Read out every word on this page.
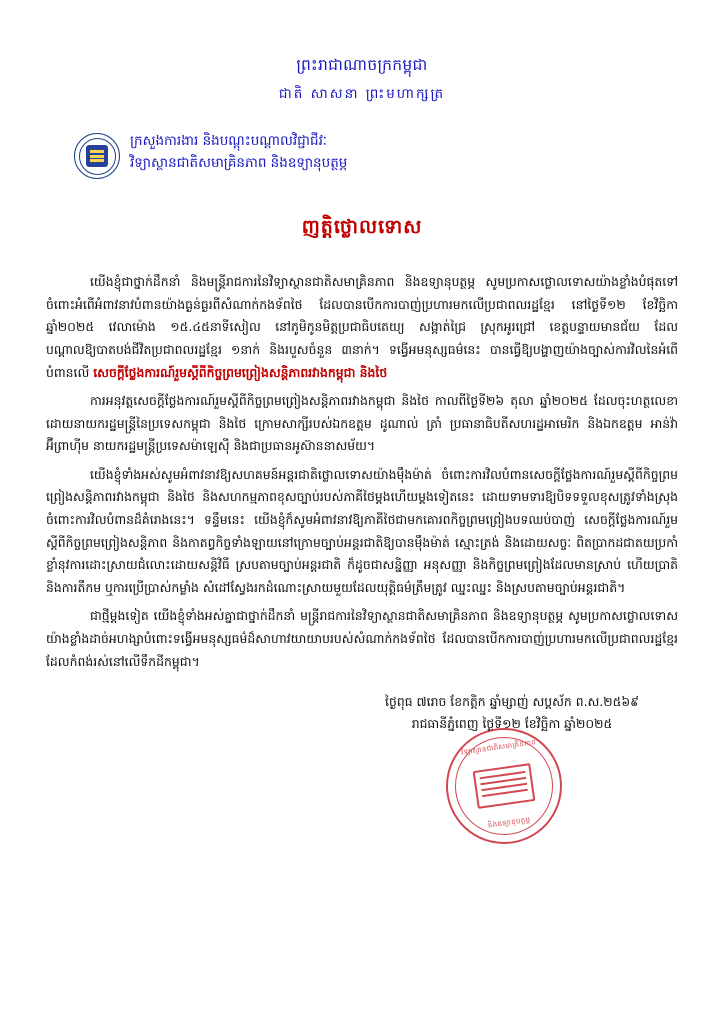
ព្រះរាជាណាចក្រកម្ពុជា
ជាតិ សាសនា ព្រះមហាក្សត្រ
ក្រសួងការងារ និងបណ្ដុះបណ្ដាលវិជ្ជាជីវៈ
វិទ្យាស្ថានជាតិសមាគ្រិនភាព និងឧទ្យានុបត្ថម្ភ
ញត្តិថ្លោលទោស

យើងខ្ញុំជាថ្នាក់ដឹកនាំ និងមន្ត្រីរាជការនៃវិទ្យាស្ថានជាតិសមាគ្រិនភាព និងឧទ្យានុបត្ថម្ភ សូមប្រកាសថ្លោលទោសយ៉ាងខ្លាំងបំផុតទៅចំពោះអំពើអំពាវនាវបំពានយ៉ាងធ្ងន់ធ្ងរពីសំណាក់កងទ័ពថៃ ដែលបានបើកការបាញ់ប្រហារមកលើប្រជាពលរដ្ឋខ្មែរ នៅថ្ងៃទី១២ ខែវិច្ឆិកា ឆ្នាំ២០២៥ វេលាម៉ោង ១៥.៤៥នាទីសៀល នៅភូមិកូនមិត្តប្រជាធិបតេយ្យ សង្កាត់ជ្រៃ ស្រុកអូរជ្រៅ ខេត្តបន្ទាយមានជ័យ ដែលបណ្ដាលឱ្យបាតបង់ជីវិតប្រជាពលរដ្ឋខ្មែរ ១នាក់ និងរបួសចំនួន ៣នាក់។ ទង្វើអមនុស្សធម៌នេះ បានធ្វើឱ្យបង្ហាញយ៉ាងច្បាស់ការវិលនៃអំពើបំពានលើ សេចក្ដីថ្លែងការណ៍រួមស្ដីពីកិច្ចព្រមព្រៀងសន្តិភាពរវាងកម្ពុជា និងថៃ

ការអនុវត្តសេចក្ដីថ្លែងការណ៍រួមស្ដីពីកិច្ចព្រមព្រៀងសន្តិភាពរវាងកម្ពុជា និងថៃ កាលពីថ្ងៃទី២៦ តុលា ឆ្នាំ២០២៥ ដែលចុះហត្ថលេខាដោយនាយករដ្ឋមន្ត្រីនៃប្រទេសកម្ពុជា និងថៃ ក្រោមសាក្សីរបស់ឯកឧត្តម ដូណាល់ ត្រាំ ប្រធានាធិបតីសហរដ្ឋអាមេរិក និងឯកឧត្តម អាន់វ៉ា អ៊ីព្រាហ៊ីម នាយករដ្ឋមន្ត្រីប្រទេសម៉ាឡេស៊ី និងជាប្រធានអូស៊ាននាសម័យ។

យើងខ្ញុំទាំងអស់សូមអំពាវនាវឱ្យសហគមន៍អន្តរជាតិថ្លោលទោសយ៉ាងម៉ឹងម៉ាត់ ចំពោះការវិលបំពានសេចក្ដីថ្លែងការណ៍រួមស្ដីពីកិច្ចព្រមព្រៀងសន្តិភាពរវាងកម្ពុជា និងថៃ និងសហកម្មភាពខុសច្បាប់របស់ភាគីថៃម្ដងហើយម្ដងទៀតនេះ ដោយទាមទារឱ្យបិទទទួលខុសត្រូវទាំងស្រុងចំពោះការវិលបំពានដ៏គំរោងនេះ។ ទន្ទឹមនេះ យើងខ្ញុំក៏សូមអំពាវនាវឱ្យភាគីថៃជាមកគោរពកិច្ចព្រមព្រៀងបទឈប់បាញ់ សេចក្ដីថ្លែងការណ៍រួមស្ដីពីកិច្ចព្រមព្រៀងសន្តិភាព និងកាតព្វកិច្ចទាំងឡាយនៅក្រោមច្បាប់អន្តរជាតិឱ្យបានម៉ឹងម៉ាត់ ស្មោះត្រង់ និងដោយសច្ចៈ ពិតប្រាកដជាតយប្រកាំខ្លាំនុវការដោះស្រាយជំលោះដោយសន្តិវិធី ស្របតាមច្បាប់អន្តរជាតិ ក៏ដូចជាសន្និញ្ញា អនុសញ្ញា និងកិច្ចព្រមព្រៀងដែលមានស្រាប់ ហើយប្រាតិ និងការតឹកម ឬការប្រើប្រាស់កម្លាំង សំដៅស្វែងរកដំណោះស្រាយមួយដែលយុត្តិធម៌ត្រឹមត្រូវ ឈ្នះឈ្នះ និងស្របតាមច្បាប់អន្តរជាតិ។

ជាថ្មីម្ដងទៀត យើងខ្ញុំទាំងអស់គ្នាជាថ្នាក់ដឹកនាំ មន្ត្រីរាជការនៃវិទ្យាស្ថានជាតិសមាគ្រិនភាព និងឧទ្យានុបត្ថម្ភ សូមប្រកាសថ្លោលទោសយ៉ាងខ្លាំងដាច់អហង្សាបំពោះទង្វើអមនុស្សធម៌ដ៏សាហាវយាយាបរបស់សំណាក់កងទ័ពថៃ ដែលបានបើកការបាញ់ប្រហារមកលើប្រជាពលរដ្ឋខ្មែរដែលកំពង់រស់នៅលើទឹកដីកម្ពុជា។

ថ្ងៃពុធ ៧រោច ខែកត្តិក ឆ្នាំម្សាញ់ សប្តស័ក ព.ស.២៥៦៩
រាជធានីភ្នំពេញ ថ្ងៃទី១២ ខែវិច្ឆិកា ឆ្នាំ២០២៥
វិទ្យាស្ថានជាតិសមាគ្រិនភាព
និងឧទ្យានុបត្ថម្ភ
